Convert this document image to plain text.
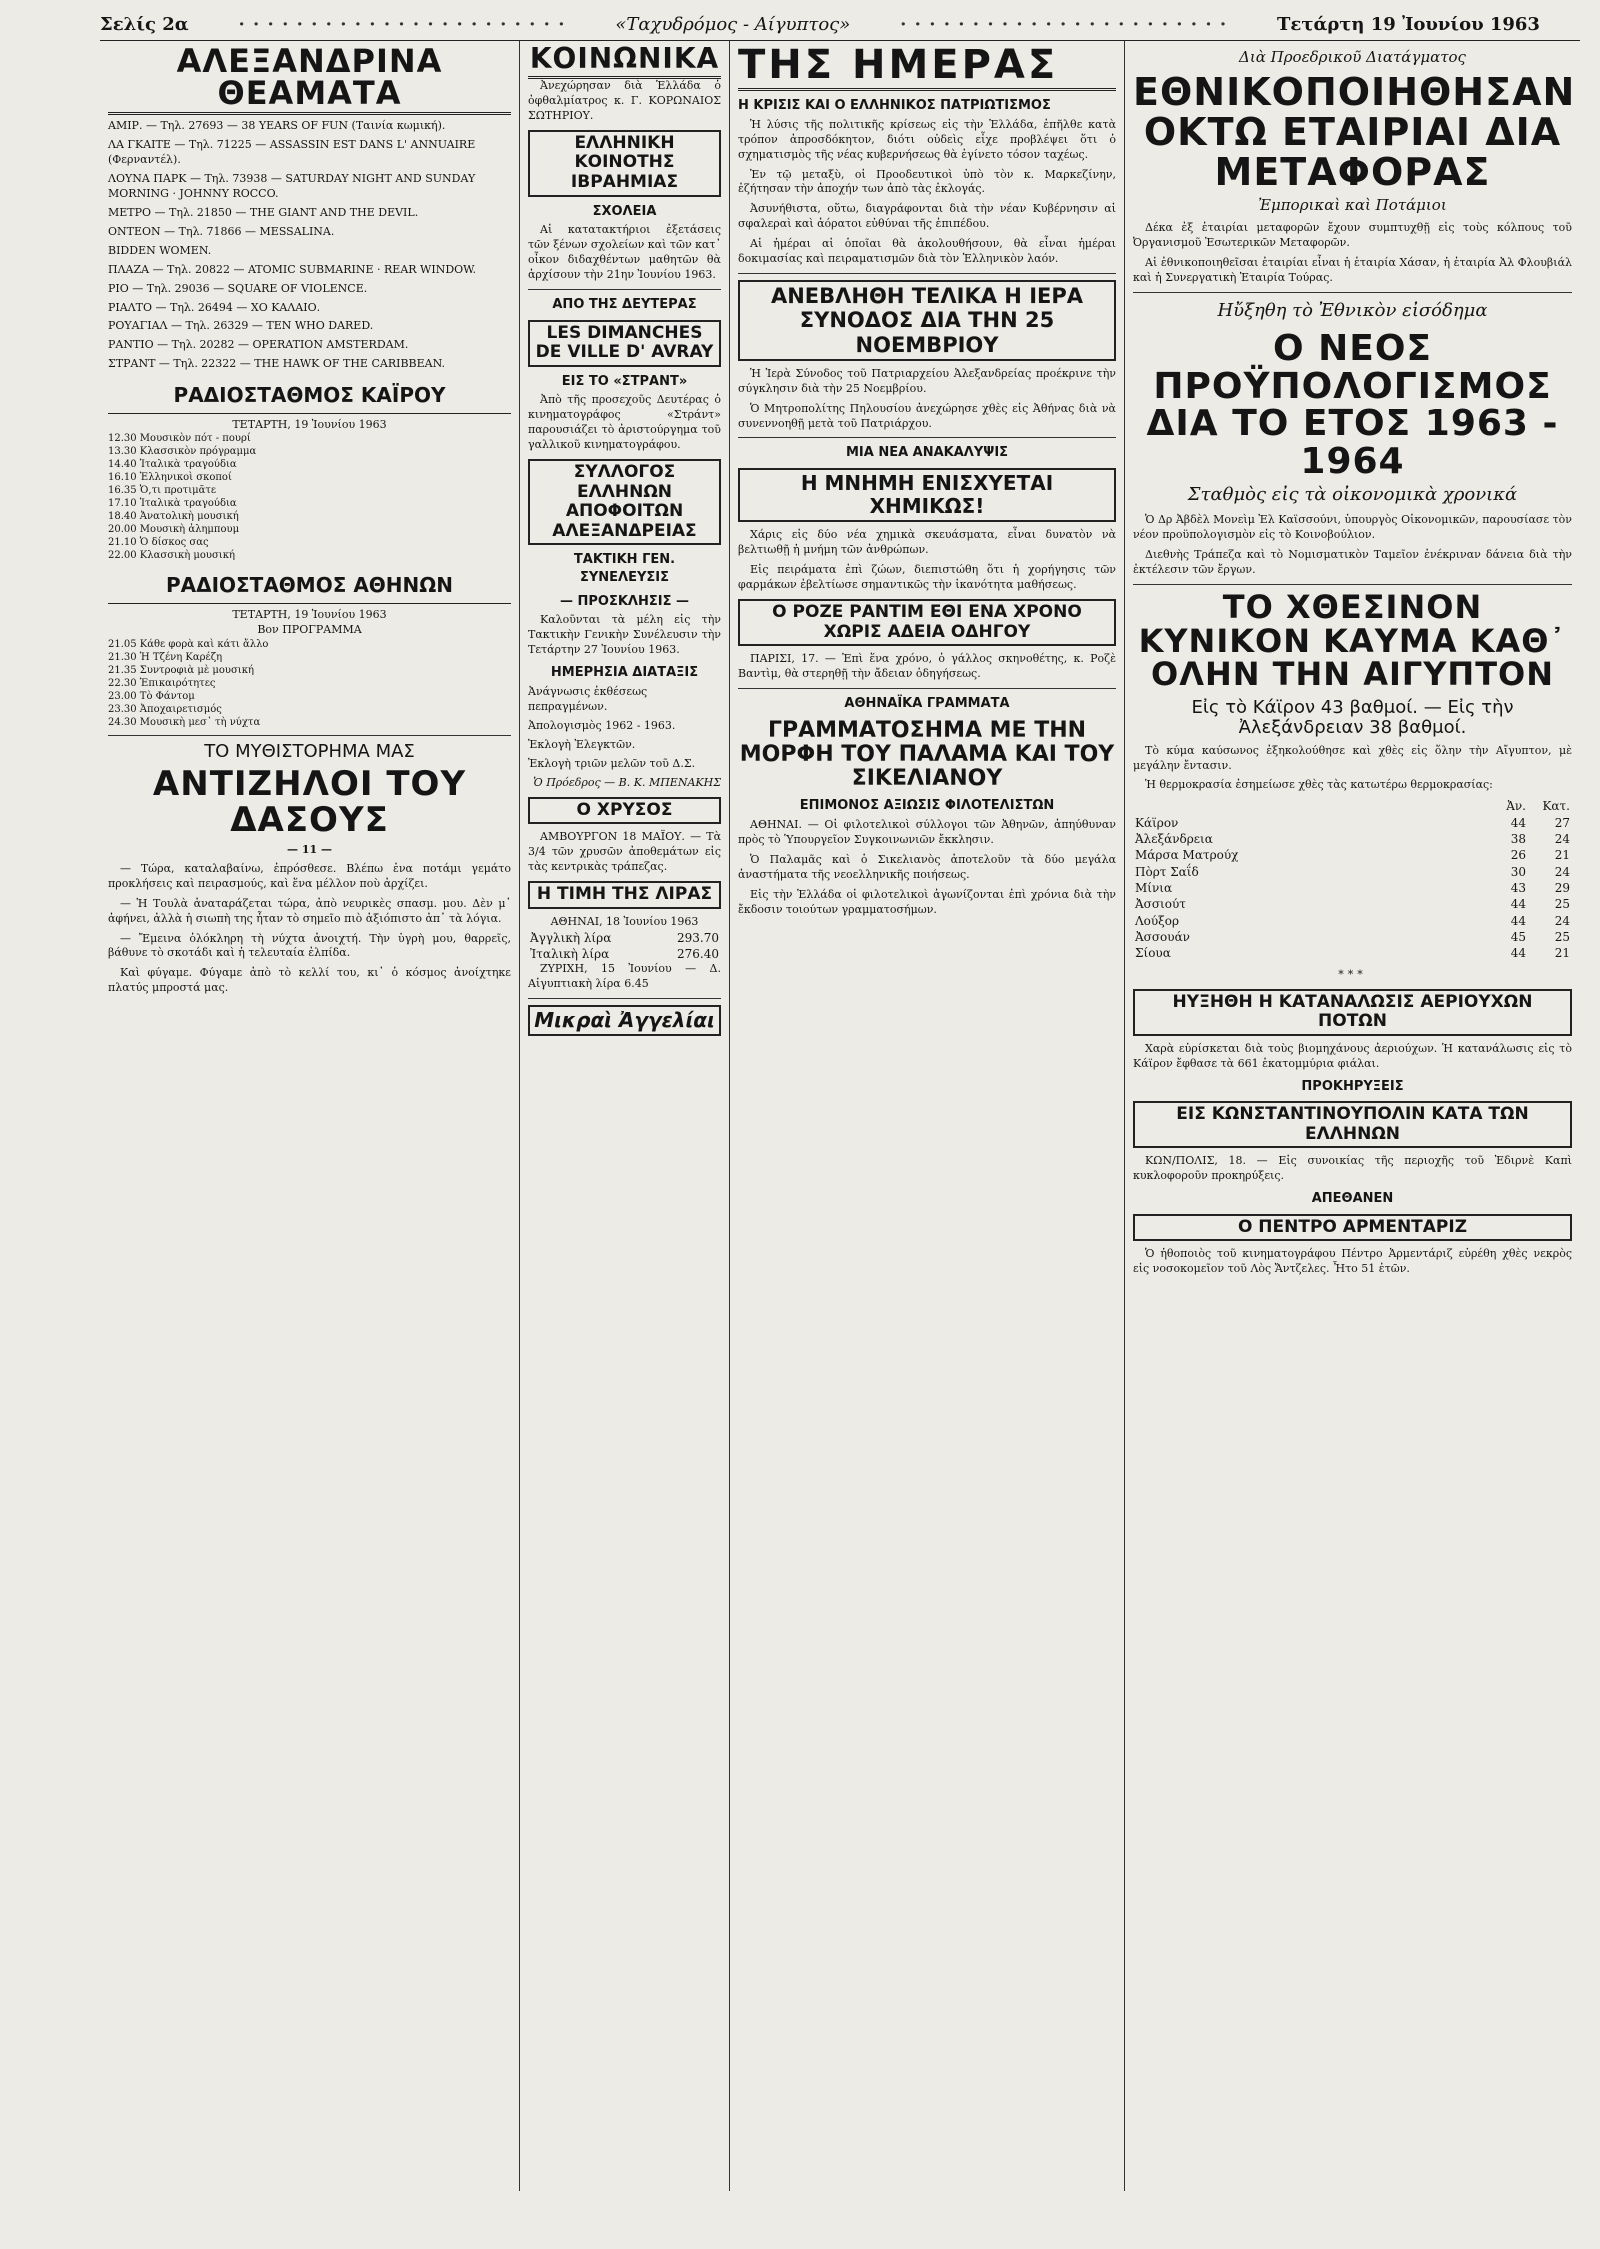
Σελίς 2α	· · · · · · · · · · · · · · · · · · · · · · ·	«Ταχυδρόμος - Αίγυπτος»	· · · · · · · · · · · · · · · · · · · · · · ·	Τετάρτη 19 Ἰουνίου 1963
ΑΛΕΞΑΝΔΡΙΝΑ ΘΕΑΜΑΤΑ
ΑΜΙΡ. — Τηλ. 27693 — 38 YEARS OF FUN (Ταινία κωμική).
ΛΑ ΓΚΑΙΤΕ — Τηλ. 71225 — ASSASSIN EST DANS L' ANNUAIRE (Φερναντέλ).
ΛΟΥΝΑ ΠΑΡΚ — Τηλ. 73938 — SATURDAY NIGHT AND SUNDAY MORNING · JOHNNY ROCCO.
ΜΕΤΡΟ — Τηλ. 21850 — THE GIANT AND THE DEVIL.
ΟΝΤΕΟΝ — Τηλ. 71866 — MESSALINA.
BIDDEN WOMEN.
ΠΛΑΖΑ — Τηλ. 20822 — ATOMIC SUBMARINE · REAR WINDOW.
ΡΙΟ — Τηλ. 29036 — SQUARE OF VIOLENCE.
ΡΙΑΛΤΟ — Τηλ. 26494 — ΧΟ ΚΑΛΑΙΟ.
ΡΟΥΑΓΙΑΛ — Τηλ. 26329 — TEN WHO DARED.
ΡΑΝΤΙΟ — Τηλ. 20282 — OPERATION AMSTERDAM.
ΣΤΡΑΝΤ — Τηλ. 22322 — THE HAWK OF THE CARIBBEAN.
ΡΑΔΙΟΣΤΑΘΜΟΣ ΚΑΪΡΟΥ
ΤΕΤΑΡΤΗ, 19 Ἰουνίου 1963
12.30 Μουσικὸν πότ - πουρί
13.30 Κλασσικὸν πρόγραμμα
14.40 Ἰταλικὰ τραγούδια
16.10 Ἑλληνικοὶ σκοποί
16.35 Ὁ,τι προτιμᾶτε
17.10 Ἰταλικὰ τραγούδια
18.40 Ἀνατολικὴ μουσική
20.00 Μουσικὴ ἀλημπουμ
21.10 Ὁ δίσκος σας
22.00 Κλασσικὴ μουσική
ΡΑΔΙΟΣΤΑΘΜΟΣ ΑΘΗΝΩΝ
ΤΕΤΑΡΤΗ, 19 Ἰουνίου 1963
Βον ΠΡΟΓΡΑΜΜΑ
21.05 Κάθε φορὰ καὶ κάτι ἄλλο
21.30 Ἡ Τζένη Καρέζη
21.35 Συντροφιὰ μὲ μουσική
22.30 Ἐπικαιρότητες
23.00 Τὸ Φάντομ
23.30 Ἀποχαιρετισμός
24.30 Μουσικὴ μεσ᾽ τὴ νύχτα
ΤΟ ΜΥΘΙΣΤΟΡΗΜΑ ΜΑΣ
ΑΝΤΙΖΗΛΟΙ ΤΟΥ ΔΑΣΟΥΣ
— 11 —

— Τώρα, καταλαβαίνω, ἐπρόσθεσε. Βλέπω ἐνα ποτάμι γεμάτο προκλήσεις καὶ πειρασμούς, καὶ ἕνα μέλλον ποὺ ἀρχίζει.

— Ἡ Τουλὰ ἀναταράζεται τώρα, ἀπὸ νευρικὲς σπασμ. μου. Δὲν μ᾽ ἀφήνει, ἀλλὰ ἡ σιωπὴ της ἦταν τὸ σημεῖο πιὸ ἀξιόπιστο ἀπ᾽ τὰ λόγια.

— Ἔμεινα ὁλόκληρη τὴ νύχτα ἀνοιχτή. Τὴν ὑγρὴ μου, θαρρεῖς, βάθυνε τὸ σκοτάδι καὶ ἡ τελευταία ἐλπίδα.

Καὶ φύγαμε. Φύγαμε ἀπὸ τὸ κελλί του, κι᾽ ὁ κόσμος ἀνοίχτηκε πλατύς μπροστά μας.

ΚΟΙΝΩΝΙΚΑ

Ἀνεχώρησαν διὰ Ἑλλάδα ὁ ὀφθαλμίατρος κ. Γ. ΚΟΡΩΝΑΙΟΣ ΣΩΤΗΡΙΟΥ.

ΕΛΛΗΝΙΚΗ ΚΟΙΝΟΤΗΣ ΙΒΡΑΗΜΙΑΣ
ΣΧΟΛΕΙΑ

Αἱ κατατακτήριοι ἐξετάσεις τῶν ξένων σχολείων καὶ τῶν κατ᾽ οἶκον διδαχθέντων μαθητῶν θὰ ἀρχίσουν τὴν 21ην Ἰουνίου 1963.

ΑΠΟ ΤΗΣ ΔΕΥΤΕΡΑΣ
LES DIMANCHES DE VILLE D' AVRAY
ΕΙΣ ΤΟ «ΣΤΡΑΝΤ»

Ἀπὸ τῆς προσεχοῦς Δευτέρας ὁ κινηματογράφος «Στράντ» παρουσιάζει τὸ ἀριστούργημα τοῦ γαλλικοῦ κινηματογράφου.

ΣΥΛΛΟΓΟΣ ΕΛΛΗΝΩΝ ΑΠΟΦΟΙΤΩΝ ΑΛΕΞΑΝΔΡΕΙΑΣ
ΤΑΚΤΙΚΗ ΓΕΝ. ΣΥΝΕΛΕΥΣΙΣ
— ΠΡΟΣΚΛΗΣΙΣ —

Καλοῦνται τὰ μέλη εἰς τὴν Τακτικὴν Γενικὴν Συνέλευσιν τὴν Τετάρτην 27 Ἰουνίου 1963.

ΗΜΕΡΗΣΙΑ ΔΙΑΤΑΞΙΣ
Ἀνάγνωσις ἐκθέσεως πεπραγμένων.
Ἀπολογισμὸς 1962 - 1963.
Ἐκλογὴ Ἐλεγκτῶν.
Ἐκλογὴ τριῶν μελῶν τοῦ Δ.Σ.
Ὁ Πρόεδρος — Β. Κ. ΜΠΕΝΑΚΗΣ
Ο ΧΡΥΣΟΣ

ΑΜΒΟΥΡΓΟΝ 18 ΜΑΪΟΥ. — Τὰ 3/4 τῶν χρυσῶν ἀποθεμάτων εἰς τὰς κεντρικὰς τράπεζας.

Η ΤΙΜΗ ΤΗΣ ΛΙΡΑΣ
ΑΘΗΝΑΙ, 18 Ἰουνίου 1963
Ἀγγλικὴ λίρα	293.70
Ἰταλικὴ λίρα	276.40

ΖΥΡΙΧΗ, 15 Ἰουνίου — Δ. Αἰγυπτιακὴ λίρα 6.45

Μικραὶ Ἀγγελίαι
ΤΗΣ ΗΜΕΡΑΣ
Η ΚΡΙΣΙΣ ΚΑΙ Ο ΕΛΛΗΝΙΚΟΣ ΠΑΤΡΙΩΤΙΣΜΟΣ

Ἡ λύσις τῆς πολιτικῆς κρίσεως εἰς τὴν Ἑλλάδα, ἐπῆλθε κατὰ τρόπον ἀπροσδόκητον, διότι οὐδεὶς εἶχε προβλέψει ὅτι ὁ σχηματισμὸς τῆς νέας κυβερνήσεως θὰ ἐγίνετο τόσον ταχέως.

Ἐν τῷ μεταξὺ, οἱ Προοδευτικοὶ ὑπὸ τὸν κ. Μαρκεζίνην, ἐζήτησαν τὴν ἀποχήν των ἀπὸ τὰς ἐκλογάς.

Ἀσυνήθιστα, οὕτω, διαγράφονται διὰ τὴν νέαν Κυβέρνησιν αἱ σφαλεραὶ καὶ ἀόρατοι εὐθύναι τῆς ἐπιπέδου.

Αἱ ἡμέραι αἱ ὁποῖαι θὰ ἀκολουθήσουν, θὰ εἶναι ἡμέραι δοκιμασίας καὶ πειραματισμῶν διὰ τὸν Ἑλληνικὸν λαόν.

ΑΝΕΒΛΗΘΗ ΤΕΛΙΚΑ Η ΙΕΡΑ ΣΥΝΟΔΟΣ ΔΙΑ ΤΗΝ 25 ΝΟΕΜΒΡΙΟΥ

Ἡ Ἱερὰ Σύνοδος τοῦ Πατριαρχείου Ἀλεξανδρείας προέκρινε τὴν σύγκλησιν διὰ τὴν 25 Νοεμβρίου.

Ὁ Μητροπολίτης Πηλουσίου ἀνεχώρησε χθὲς εἰς Ἀθήνας διὰ νὰ συνεννοηθῇ μετὰ τοῦ Πατριάρχου.

ΜΙΑ ΝΕΑ ΑΝΑΚΑΛΥΨΙΣ
Η ΜΝΗΜΗ ΕΝΙΣΧΥΕΤΑΙ ΧΗΜΙΚΩΣ!

Χάρις εἰς δύο νέα χημικὰ σκευάσματα, εἶναι δυνατὸν νὰ βελτιωθῇ ἡ μνήμη τῶν ἀνθρώπων.

Εἰς πειράματα ἐπὶ ζώων, διεπιστώθη ὅτι ἡ χορήγησις τῶν φαρμάκων ἐβελτίωσε σημαντικῶς τὴν ἱκανότητα μαθήσεως.

Ο ΡΟΖΕ ΡΑΝΤΙΜ ΕΘΙ ΕΝΑ ΧΡΟΝΟ ΧΩΡΙΣ ΑΔΕΙΑ ΟΔΗΓΟΥ

ΠΑΡΙΣΙ, 17. — Ἐπὶ ἕνα χρόνο, ὁ γάλλος σκηνοθέτης, κ. Ροζὲ Βαντὶμ, θὰ στερηθῇ τὴν ἄδειαν ὁδηγήσεως.

ΑΘΗΝΑΪΚΑ ΓΡΑΜΜΑΤΑ
ΓΡΑΜΜΑΤΟΣΗΜΑ ΜΕ ΤΗΝ ΜΟΡΦΗ ΤΟΥ ΠΑΛΑΜΑ ΚΑΙ ΤΟΥ ΣΙΚΕΛΙΑΝΟΥ
ΕΠΙΜΟΝΟΣ ΑΞΙΩΣΙΣ ΦΙΛΟΤΕΛΙΣΤΩΝ

ΑΘΗΝΑΙ. — Οἱ φιλοτελικοὶ σύλλογοι τῶν Ἀθηνῶν, ἀπηύθυναν πρὸς τὸ Ὑπουργεῖον Συγκοινωνιῶν ἔκκλησιν.

Ὁ Παλαμᾶς καὶ ὁ Σικελιανὸς ἀποτελοῦν τὰ δύο μεγάλα ἀναστήματα τῆς νεοελληνικῆς ποιήσεως.

Εἰς τὴν Ἑλλάδα οἱ φιλοτελικοὶ ἀγωνίζονται ἐπὶ χρόνια διὰ τὴν ἔκδοσιν τοιούτων γραμματοσήμων.

Διὰ Προεδρικοῦ Διατάγματος
ΕΘΝΙΚΟΠΟΙΗΘΗΣΑΝ ΟΚΤΩ ΕΤΑΙΡΙΑΙ ΔΙΑ ΜΕΤΑΦΟΡΑΣ
Ἐμπορικαὶ καὶ Ποτάμιοι

Δέκα ἐξ ἑταιρίαι μεταφορῶν ἔχουν συμπτυχθῇ εἰς τοὺς κόλπους τοῦ Ὀργανισμοῦ Ἐσωτερικῶν Μεταφορῶν.

Αἱ ἐθνικοποιηθεῖσαι ἑταιρίαι εἶναι ἡ ἑταιρία Χάσαν, ἡ ἑταιρία Ἀλ Φλουβιάλ καὶ ἡ Συνεργατικὴ Ἑταιρία Τούρας.

Ηὔξηθη τὸ Ἐθνικὸν εἰσόδημα
Ο ΝΕΟΣ ΠΡΟΫΠΟΛΟΓΙΣΜΟΣ ΔΙΑ ΤΟ ΕΤΟΣ 1963 - 1964
Σταθμὸς εἰς τὰ οἰκονομικὰ χρονικά

Ὁ Δρ Ἀβδὲλ Μονεὶμ Ἐλ Καϊσσούνι, ὑπουργὸς Οἰκονομικῶν, παρουσίασε τὸν νέον προϋπολογισμὸν εἰς τὸ Κοινοβούλιον.

Διεθνὴς Τράπεζα καὶ τὸ Νομισματικὸν Ταμεῖον ἐνέκριναν δάνεια διὰ τὴν ἐκτέλεσιν τῶν ἔργων.

ΤΟ ΧΘΕΣΙΝΟΝ ΚΥΝΙΚΟΝ ΚΑΥΜΑ ΚΑΘ᾽ ΟΛΗΝ ΤΗΝ ΑΙΓΥΠΤΟΝ
Εἰς τὸ Κάϊρον 43 βαθμοί. — Εἰς τὴν Ἀλεξάνδρειαν 38 βαθμοί.

Τὸ κύμα καύσωνος ἐξηκολούθησε καὶ χθὲς εἰς ὅλην τὴν Αἴγυπτον, μὲ μεγάλην ἔντασιν.

Ἡ θερμοκρασία ἐσημείωσε χθὲς τὰς κατωτέρω θερμοκρασίας:

	Ἀν.	Κατ.
Κάϊρον	44	27
Ἀλεξάνδρεια	38	24
Μάρσα Ματρούχ	26	21
Πὸρτ Σαΐδ	30	24
Μίνια	43	29
Ἀσσιούτ	44	25
Λούξορ	44	24
Ἀσσουάν	45	25
Σίουα	44	21
***
ΗΥΞΗΘΗ Η ΚΑΤΑΝΑΛΩΣΙΣ ΑΕΡΙΟΥΧΩΝ ΠΟΤΩΝ

Χαρὰ εὑρίσκεται διὰ τοὺς βιομηχάνους ἀεριούχων. Ἡ κατανάλωσις εἰς τὸ Κάϊρον ἔφθασε τὰ 661 ἑκατομμύρια φιάλαι.

ΠΡΟΚΗΡΥΞΕΙΣ
ΕΙΣ ΚΩΝΣΤΑΝΤΙΝΟΥΠΟΛΙΝ ΚΑΤΑ ΤΩΝ ΕΛΛΗΝΩΝ

ΚΩΝ/ΠΟΛΙΣ, 18. — Εἰς συνοικίας τῆς περιοχῆς τοῦ Ἐδιρνὲ Καπὶ κυκλοφοροῦν προκηρύξεις.

ΑΠΕΘΑΝΕΝ
Ο ΠΕΝΤΡΟ ΑΡΜΕΝΤΑΡΙΖ

Ὁ ἠθοποιὸς τοῦ κινηματογράφου Πέντρο Ἀρμεντάριζ εὑρέθη χθὲς νεκρὸς εἰς νοσοκομεῖον τοῦ Λὸς Ἄντζελες. Ἦτο 51 ἐτῶν.
